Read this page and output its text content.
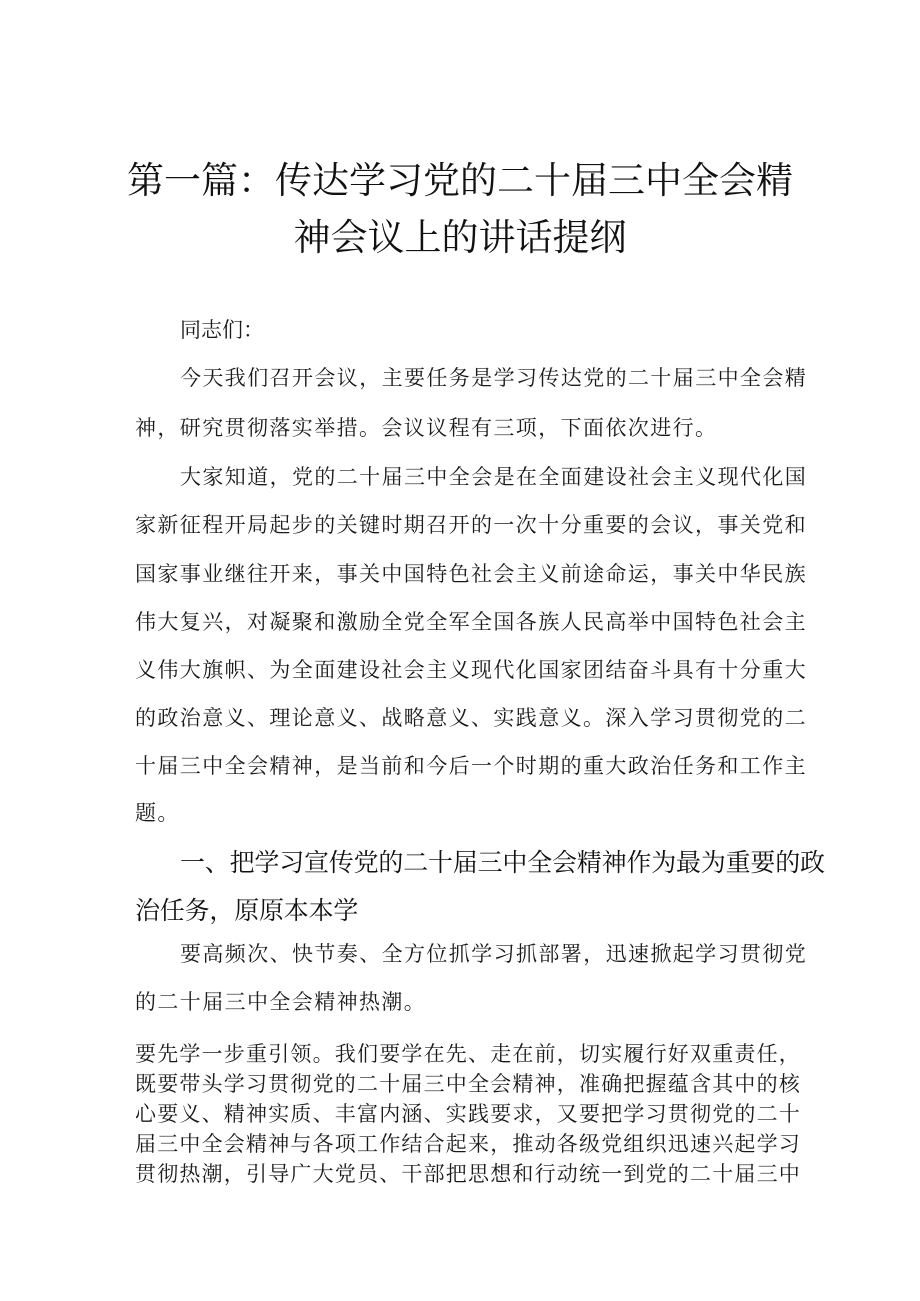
第一篇：传达学习党的二十届三中全会精
神会议上的讲话提纲
同志们：
今天我们召开会议，主要任务是学习传达党的二十届三中全会精
神，研究贯彻落实举措。会议议程有三项，下面依次进行。
大家知道，党的二十届三中全会是在全面建设社会主义现代化国
家新征程开局起步的关键时期召开的一次十分重要的会议，事关党和
国家事业继往开来，事关中国特色社会主义前途命运，事关中华民族
伟大复兴，对凝聚和激励全党全军全国各族人民高举中国特色社会主
义伟大旗帜、为全面建设社会主义现代化国家团结奋斗具有十分重大
的政治意义、理论意义、战略意义、实践意义。深入学习贯彻党的二
十届三中全会精神，是当前和今后一个时期的重大政治任务和工作主
题。
一、把学习宣传党的二十届三中全会精神作为最为重要的政
治任务，原原本本学
要高频次、快节奏、全方位抓学习抓部署，迅速掀起学习贯彻党
的二十届三中全会精神热潮。
要先学一步重引领。我们要学在先、走在前，切实履行好双重责任，
既要带头学习贯彻党的二十届三中全会精神，准确把握蕴含其中的核
心要义、精神实质、丰富内涵、实践要求，又要把学习贯彻党的二十
届三中全会精神与各项工作结合起来，推动各级党组织迅速兴起学习
贯彻热潮，引导广大党员、干部把思想和行动统一到党的二十届三中
